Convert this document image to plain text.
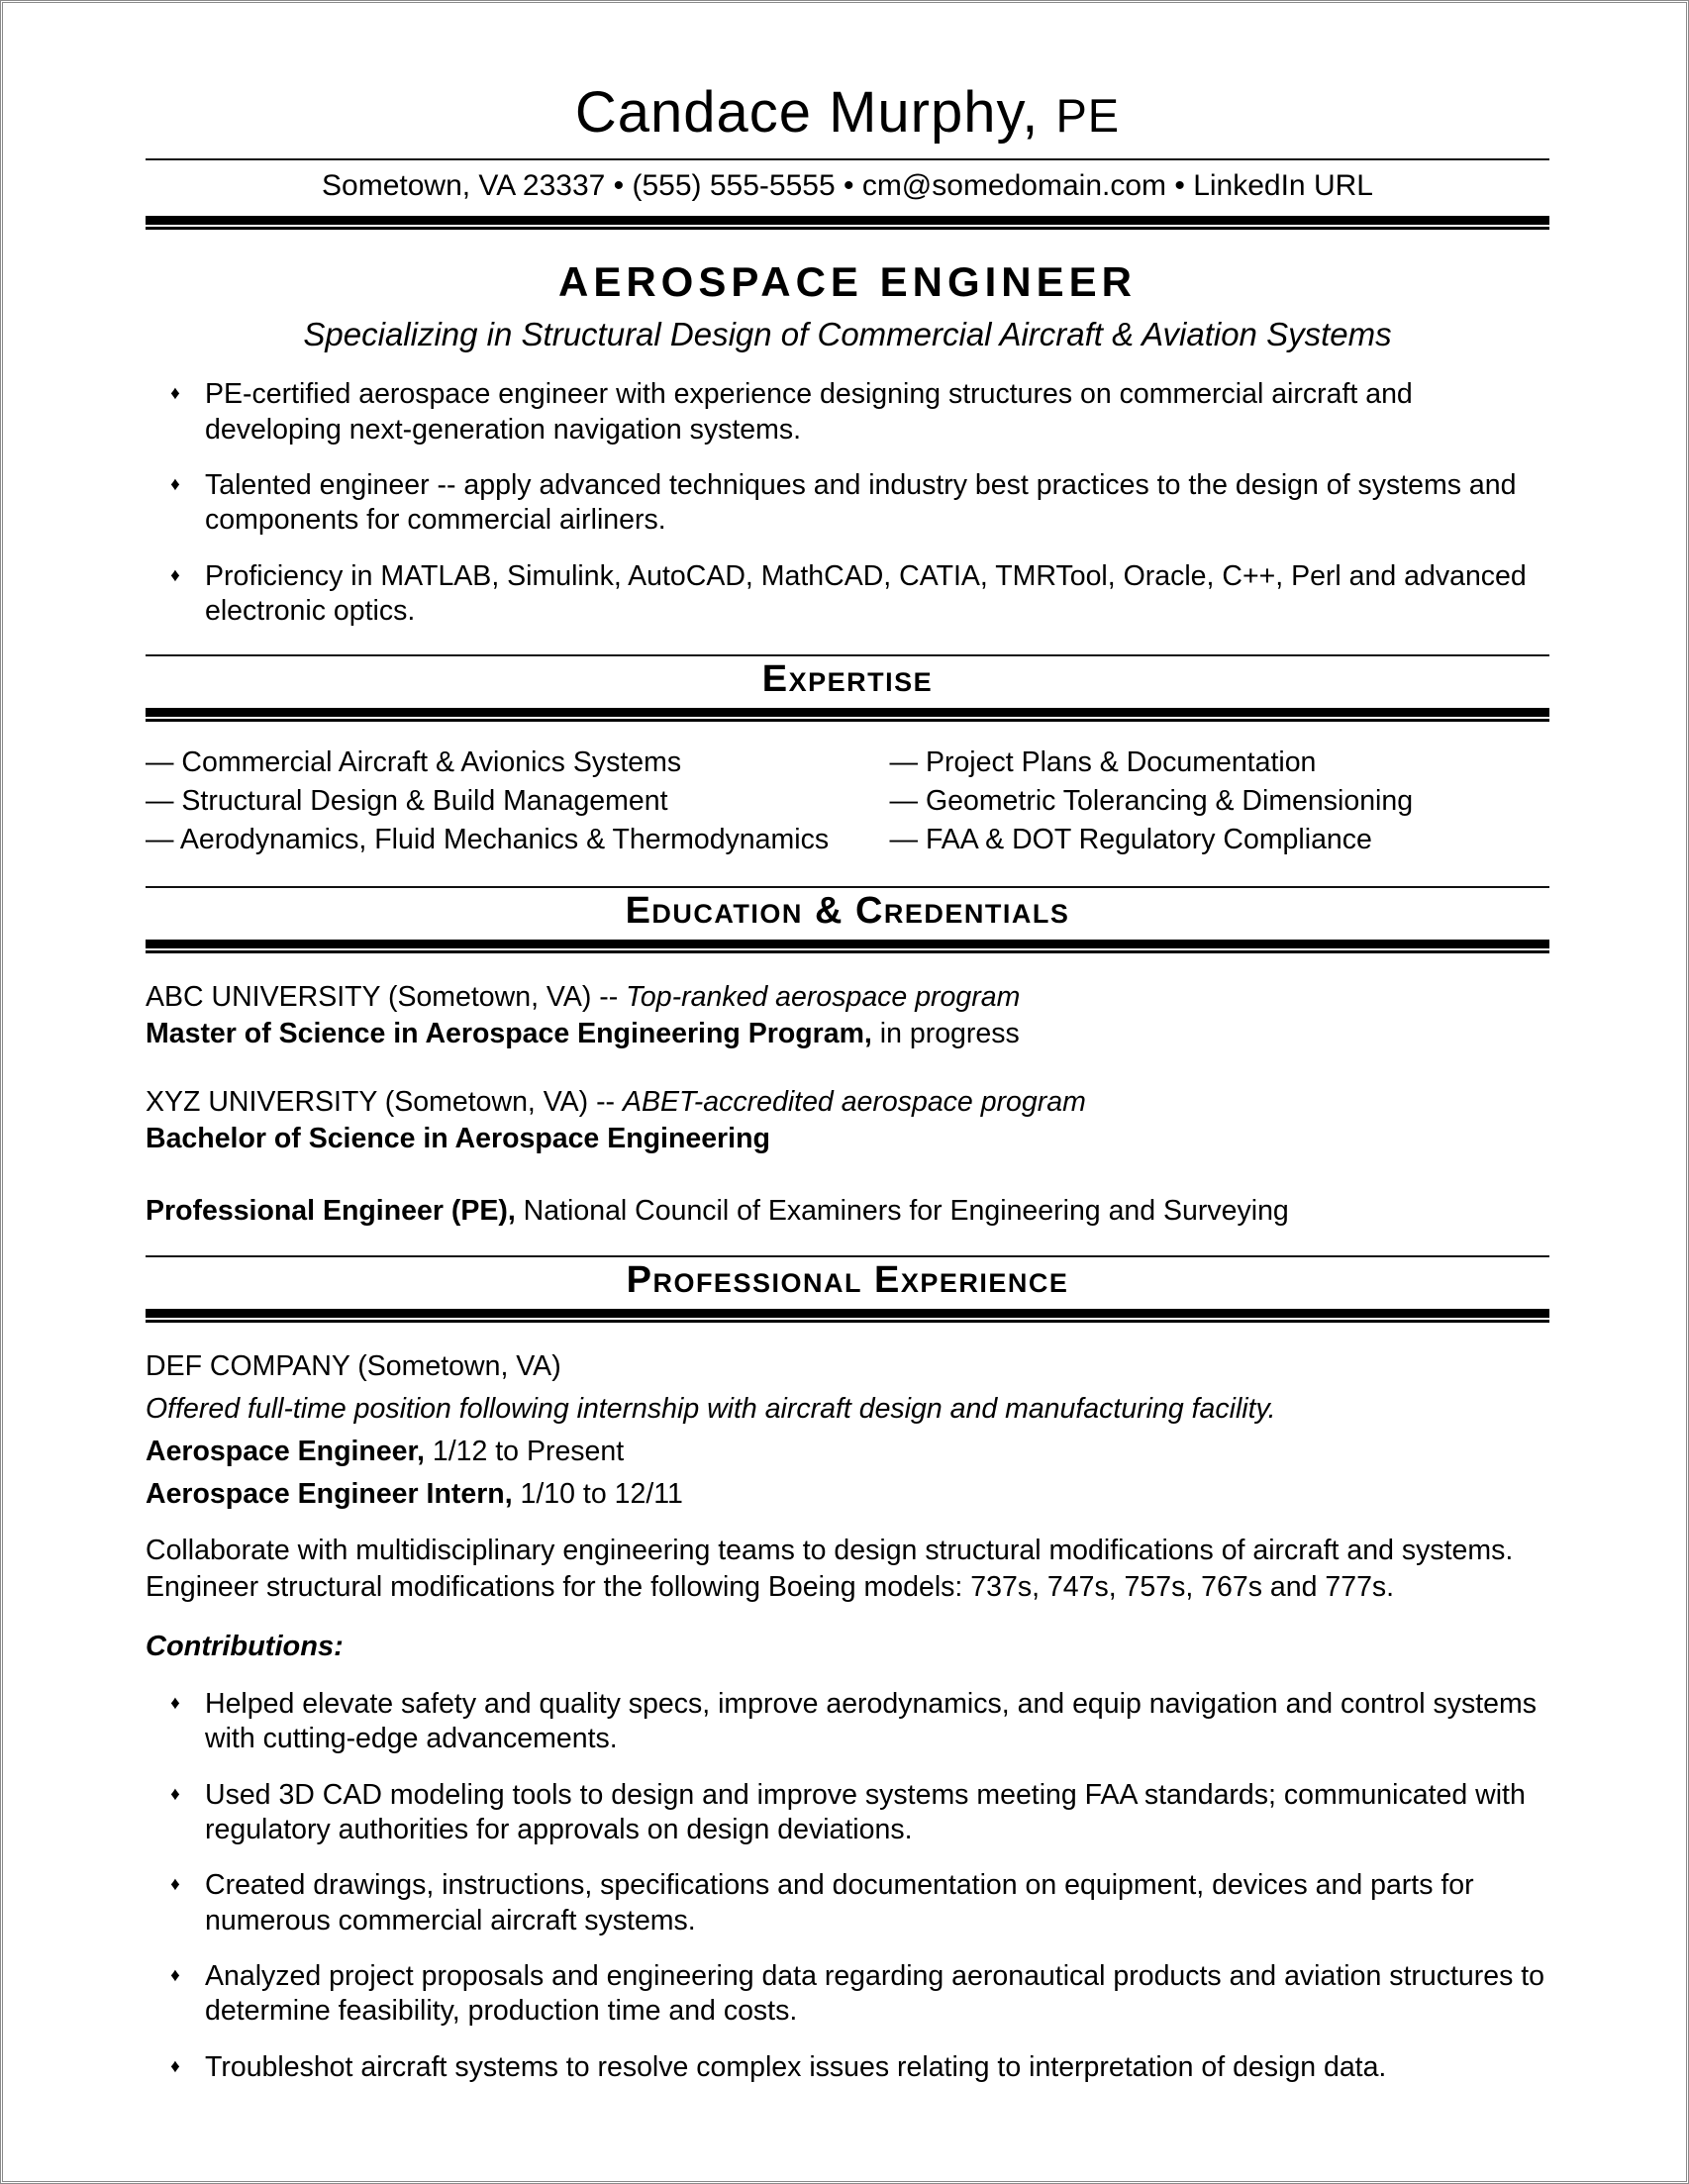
Candace Murphy, PE
Sometown, VA 23337 • (555) 555-5555 • cm@somedomain.com • LinkedIn URL
AEROSPACE ENGINEER
Specializing in Structural Design of Commercial Aircraft & Aviation Systems
♦ PE-certified aerospace engineer with experience designing structures on commercial aircraft and developing next-generation navigation systems.
♦ Talented engineer -- apply advanced techniques and industry best practices to the design of systems and components for commercial airliners.
♦ Proficiency in MATLAB, Simulink, AutoCAD, MathCAD, CATIA, TMRTool, Oracle, C++, Perl and advanced electronic optics.
Expertise
— Commercial Aircraft & Avionics Systems
— Structural Design & Build Management
— Aerodynamics, Fluid Mechanics & Thermodynamics
— Project Plans & Documentation
— Geometric Tolerancing & Dimensioning
— FAA & DOT Regulatory Compliance
Education & Credentials
ABC UNIVERSITY (Sometown, VA) -- Top-ranked aerospace program
Master of Science in Aerospace Engineering Program, in progress
XYZ UNIVERSITY (Sometown, VA) -- ABET-accredited aerospace program
Bachelor of Science in Aerospace Engineering
Professional Engineer (PE), National Council of Examiners for Engineering and Surveying
Professional Experience
DEF COMPANY (Sometown, VA)
Offered full-time position following internship with aircraft design and manufacturing facility.
Aerospace Engineer, 1/12 to Present
Aerospace Engineer Intern, 1/10 to 12/11
Collaborate with multidisciplinary engineering teams to design structural modifications of aircraft and systems. Engineer structural modifications for the following Boeing models: 737s, 747s, 757s, 767s and 777s.
Contributions:
♦ Helped elevate safety and quality specs, improve aerodynamics, and equip navigation and control systems with cutting-edge advancements.
♦ Used 3D CAD modeling tools to design and improve systems meeting FAA standards; communicated with regulatory authorities for approvals on design deviations.
♦ Created drawings, instructions, specifications and documentation on equipment, devices and parts for numerous commercial aircraft systems.
♦ Analyzed project proposals and engineering data regarding aeronautical products and aviation structures to determine feasibility, production time and costs.
♦ Troubleshot aircraft systems to resolve complex issues relating to interpretation of design data.
